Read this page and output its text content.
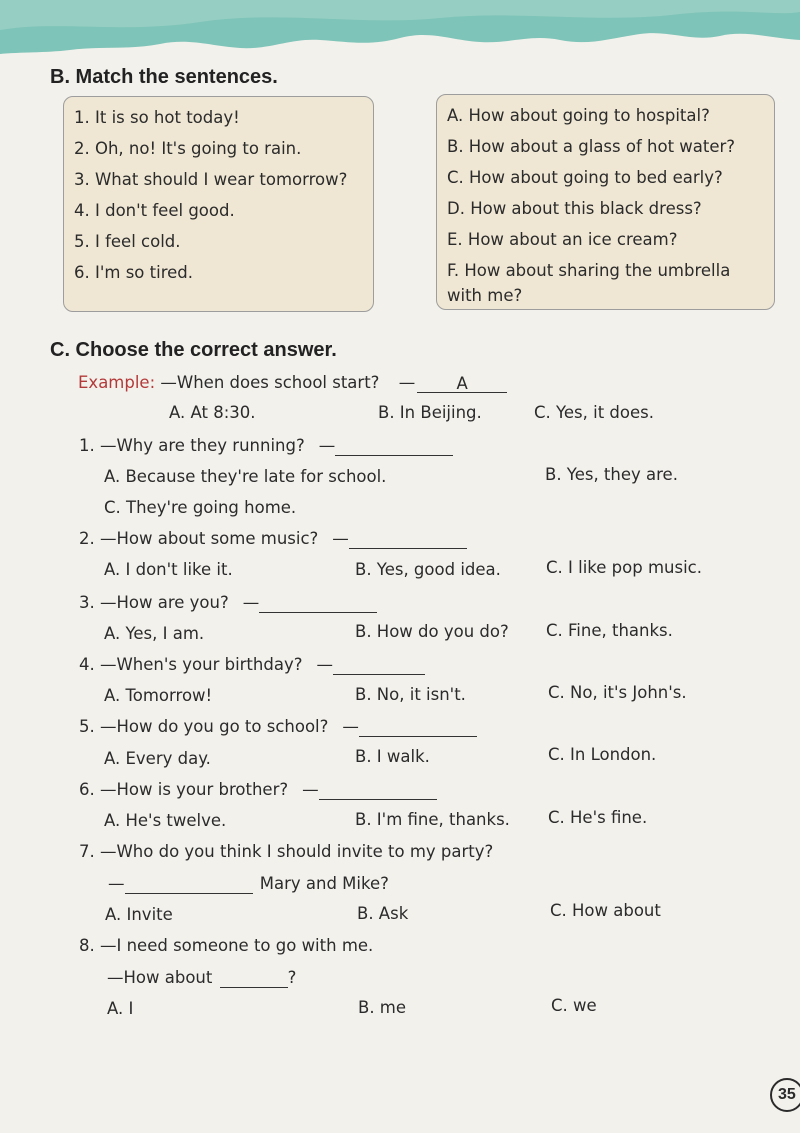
B. Match the sentences.
1. It is so hot today!
2. Oh, no! It's going to rain.
3. What should I wear tomorrow?
4. I don't feel good.
5. I feel cold.
6. I'm so tired.
A. How about going to hospital?
B. How about a glass of hot water?
C. How about going to bed early?
D. How about this black dress?
E. How about an ice cream?
F. How about sharing the umbrella with me?
C. Choose the correct answer.
Example: —When does school start? —	A
A. At 8:30.	B. In Beijing.	C. Yes, it does.
1. —Why are they running? —
A. Because they're late for school.	B. Yes, they are.
C. They're going home.
2. —How about some music? —
A. I don't like it.	B. Yes, good idea.	C. I like pop music.
3. —How are you? —
A. Yes, I am.	B. How do you do? C. Fine, thanks.
4. —When's your birthday? —
A. Tomorrow!	B. No, it isn't.	C. No, it's John's.
5. —How do you go to school? —
A. Every day.	B. I walk.	C. In London.
6. —How is your brother? —
A. He's twelve.	B. I'm fine, thanks. C. He's fine.
7. —Who do you think I should invite to my party?
—	Mary and Mike?
A. Invite	B. Ask	C. How about
8. —I need someone to go with me.
—How about	?
A. I	B. me	C. we
35
